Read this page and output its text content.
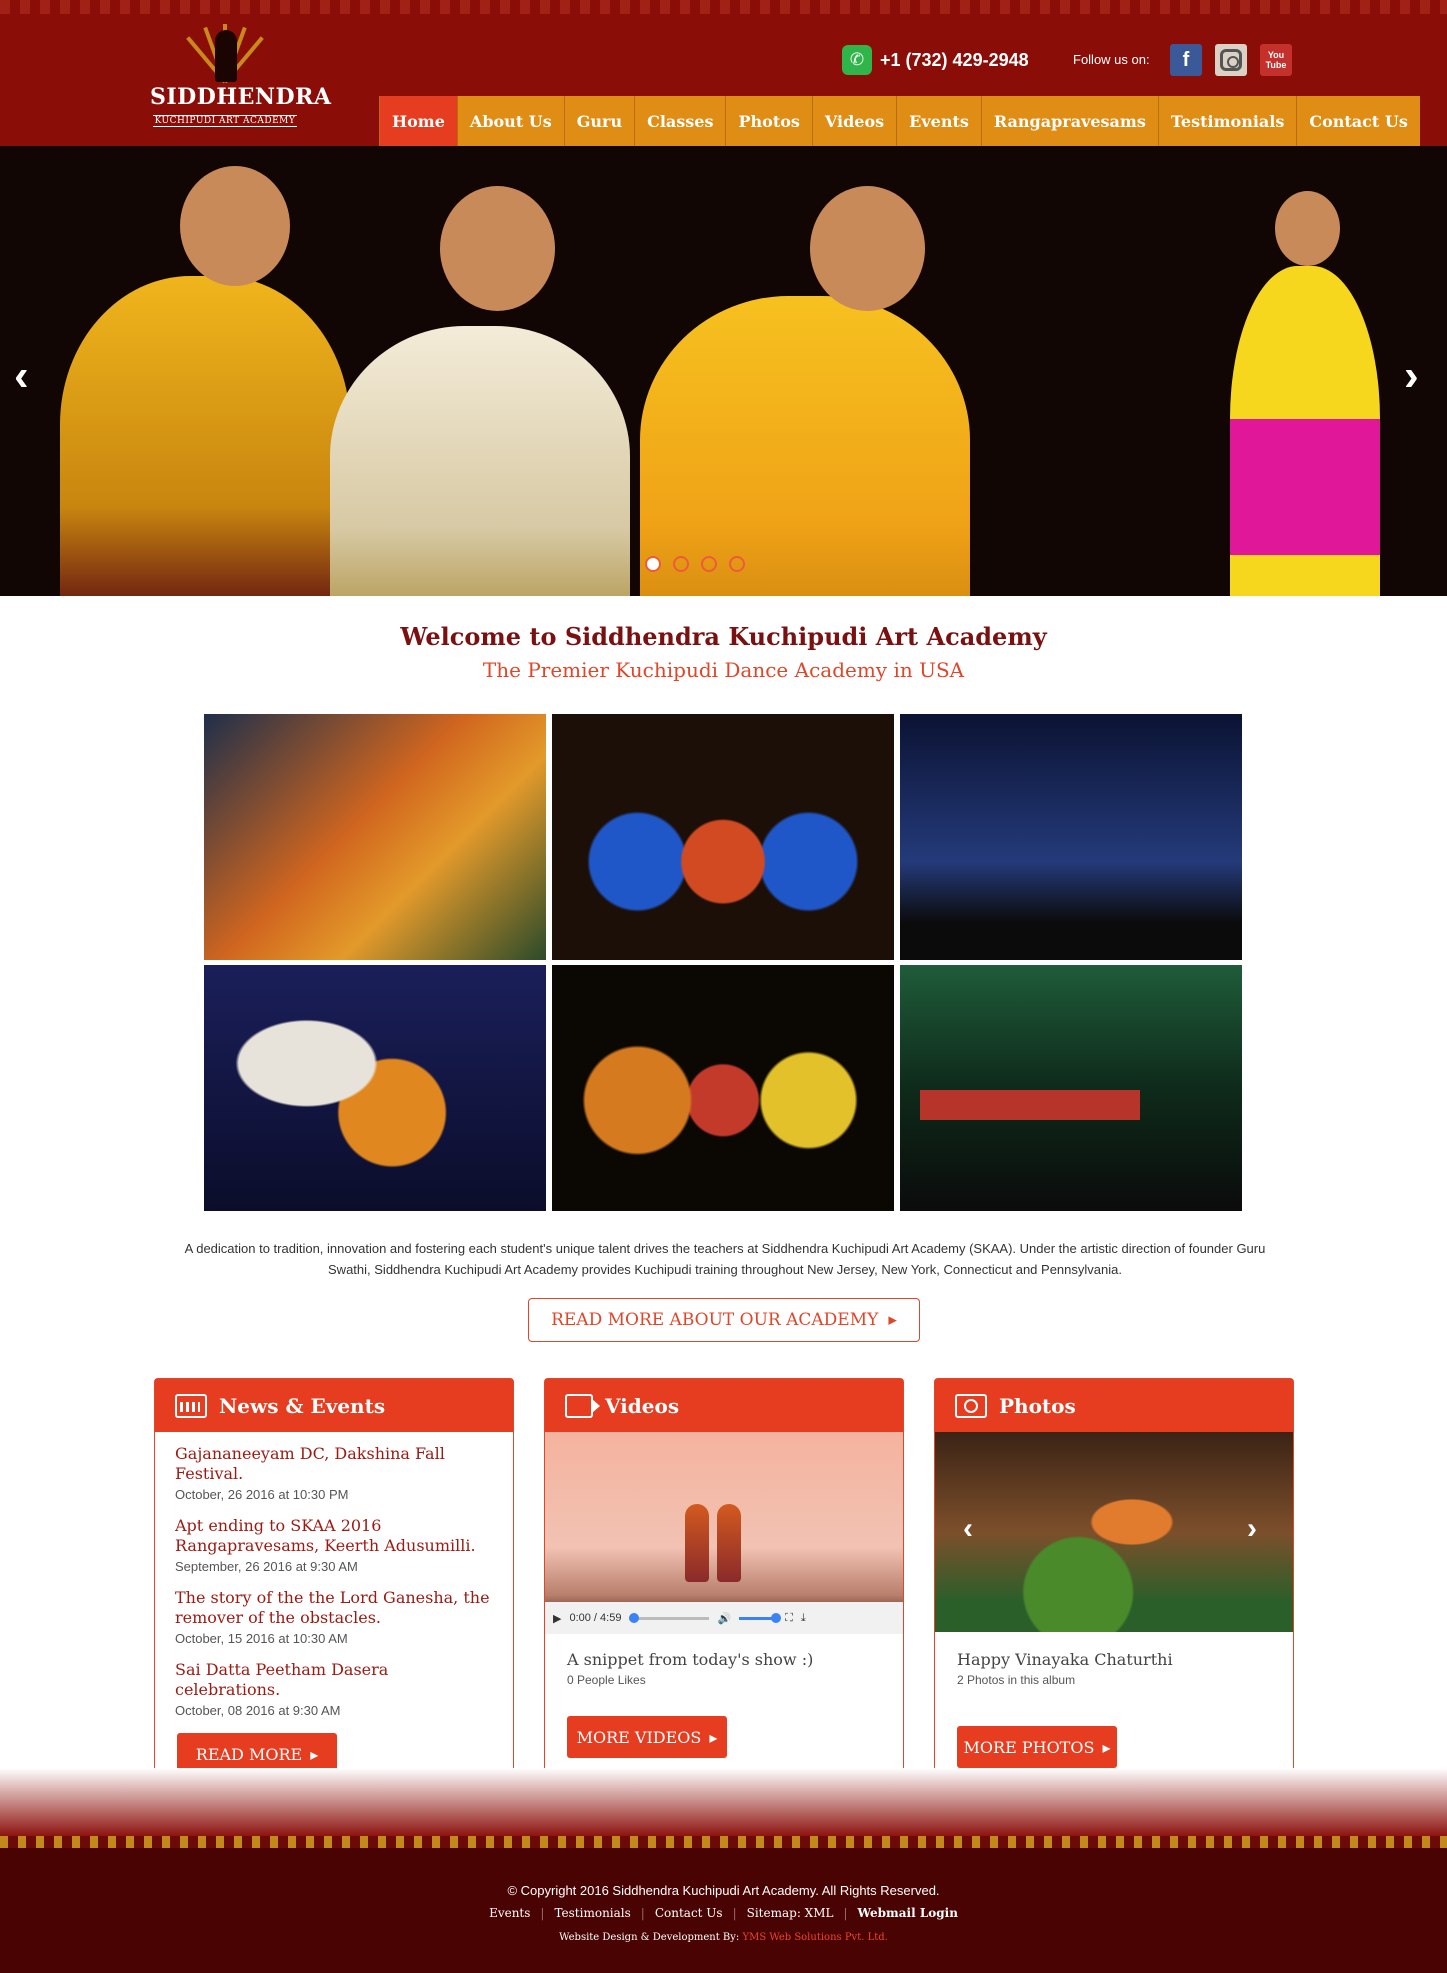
SIDDHENDRA
KUCHIPUDI ART ACADEMY
✆ +1 (732) 429-2948	Follow us on:	f	You Tube
Home	About Us	Guru	Classes	Photos	Videos	Events	Rangapravesams	Testimonials	Contact Us
‹	›
Welcome to Siddhendra Kuchipudi Art Academy
The Premier Kuchipudi Dance Academy in USA

A dedication to tradition, innovation and fostering each student's unique talent drives the teachers at Siddhendra Kuchipudi Art Academy (SKAA). Under the artistic direction of founder Guru Swathi, Siddhendra Kuchipudi Art Academy provides Kuchipudi training throughout New Jersey, New York, Connecticut and Pennsylvania.

READ MORE ABOUT OUR ACADEMY ▸
News & Events
Gajananeeyam DC, Dakshina Fall Festival.
October, 26 2016 at 10:30 PM
Apt ending to SKAA 2016 Rangapravesams, Keerth Adusumilli.
September, 26 2016 at 9:30 AM
The story of the the Lord Ganesha, the remover of the obstacles.
October, 15 2016 at 10:30 AM
Sai Datta Peetham Dasera celebrations.
October, 08 2016 at 9:30 AM
READ MORE ▸
Videos
▶ 0:00 / 4:59	🔊	⛶ ⤓
A snippet from today's show :)
0 People Likes
MORE VIDEOS ▸
Photos
‹	›
Happy Vinayaka Chaturthi
2 Photos in this album
MORE PHOTOS ▸
© Copyright 2016 Siddhendra Kuchipudi Art Academy. All Rights Reserved.
Events | Testimonials | Contact Us | Sitemap: XML | Webmail Login
Website Design & Development By: YMS Web Solutions Pvt. Ltd.
